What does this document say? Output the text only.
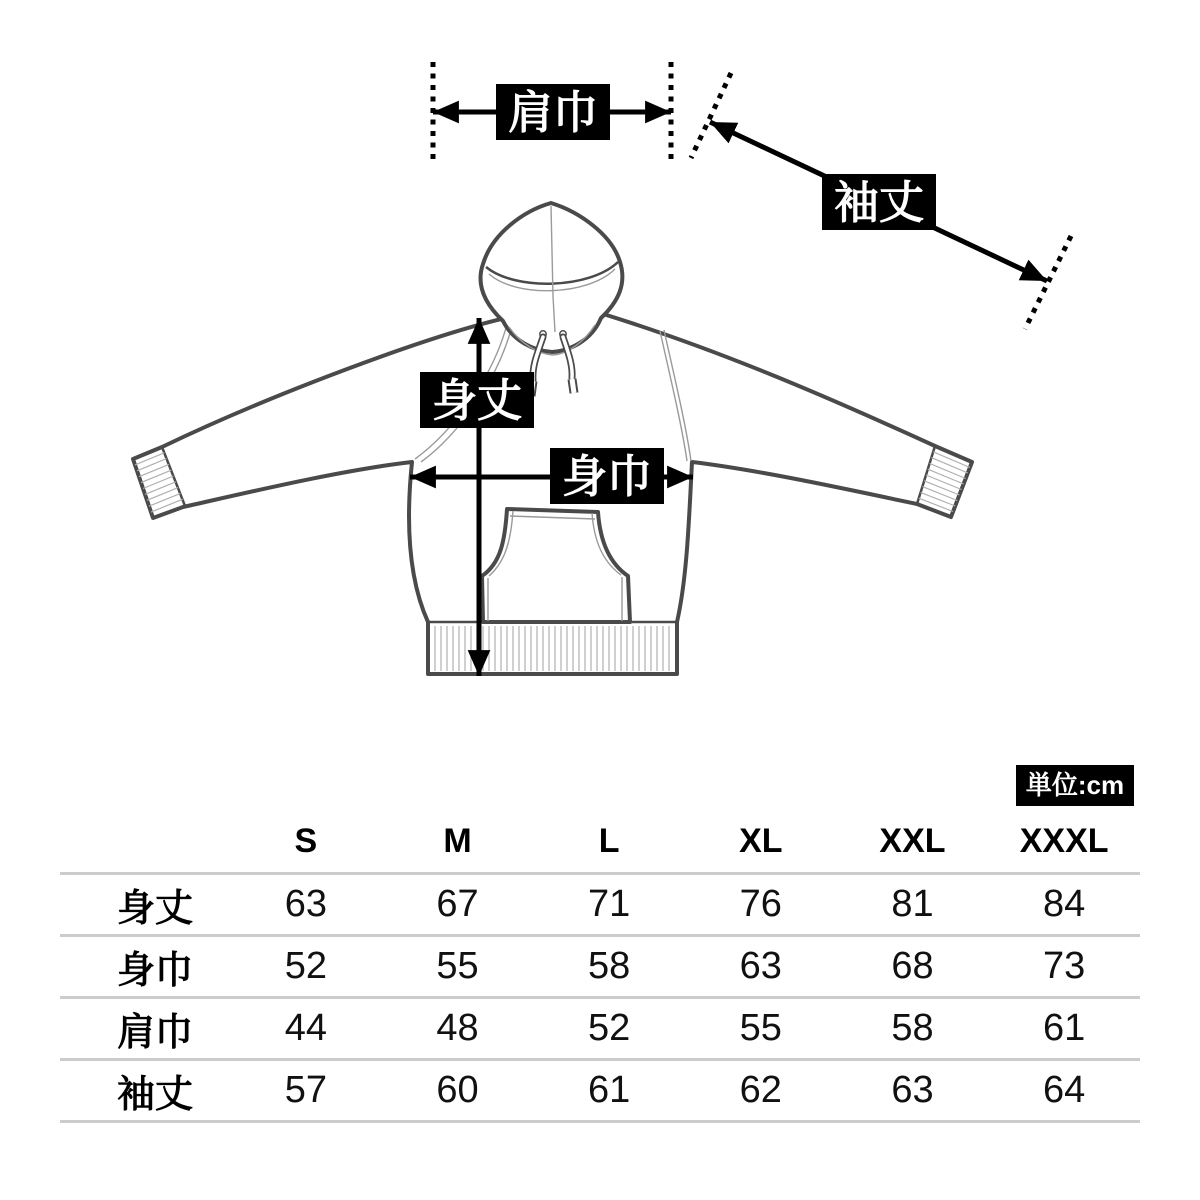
肩巾
袖丈
身丈
身巾
単位:cm
	S	M	L	XL	XXL	XXXL
身丈	63	67	71	76	81	84
身巾	52	55	58	63	68	73
肩巾	44	48	52	55	58	61
袖丈	57	60	61	62	63	64
